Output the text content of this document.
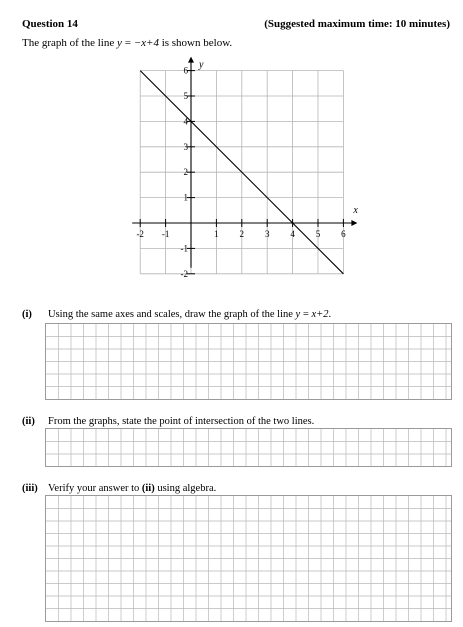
Question 14	(Suggested maximum time: 10 minutes)
The graph of the line y = −x+4 is shown below.
-2 -1	1 2 3 4 5 6
6
5
4
3
2
1
-1
-2
x
y
(i) Using the same axes and scales, draw the graph of the line y = x+2.
(ii) From the graphs, state the point of intersection of the two lines.
(iii) Verify your answer to (ii) using algebra.
